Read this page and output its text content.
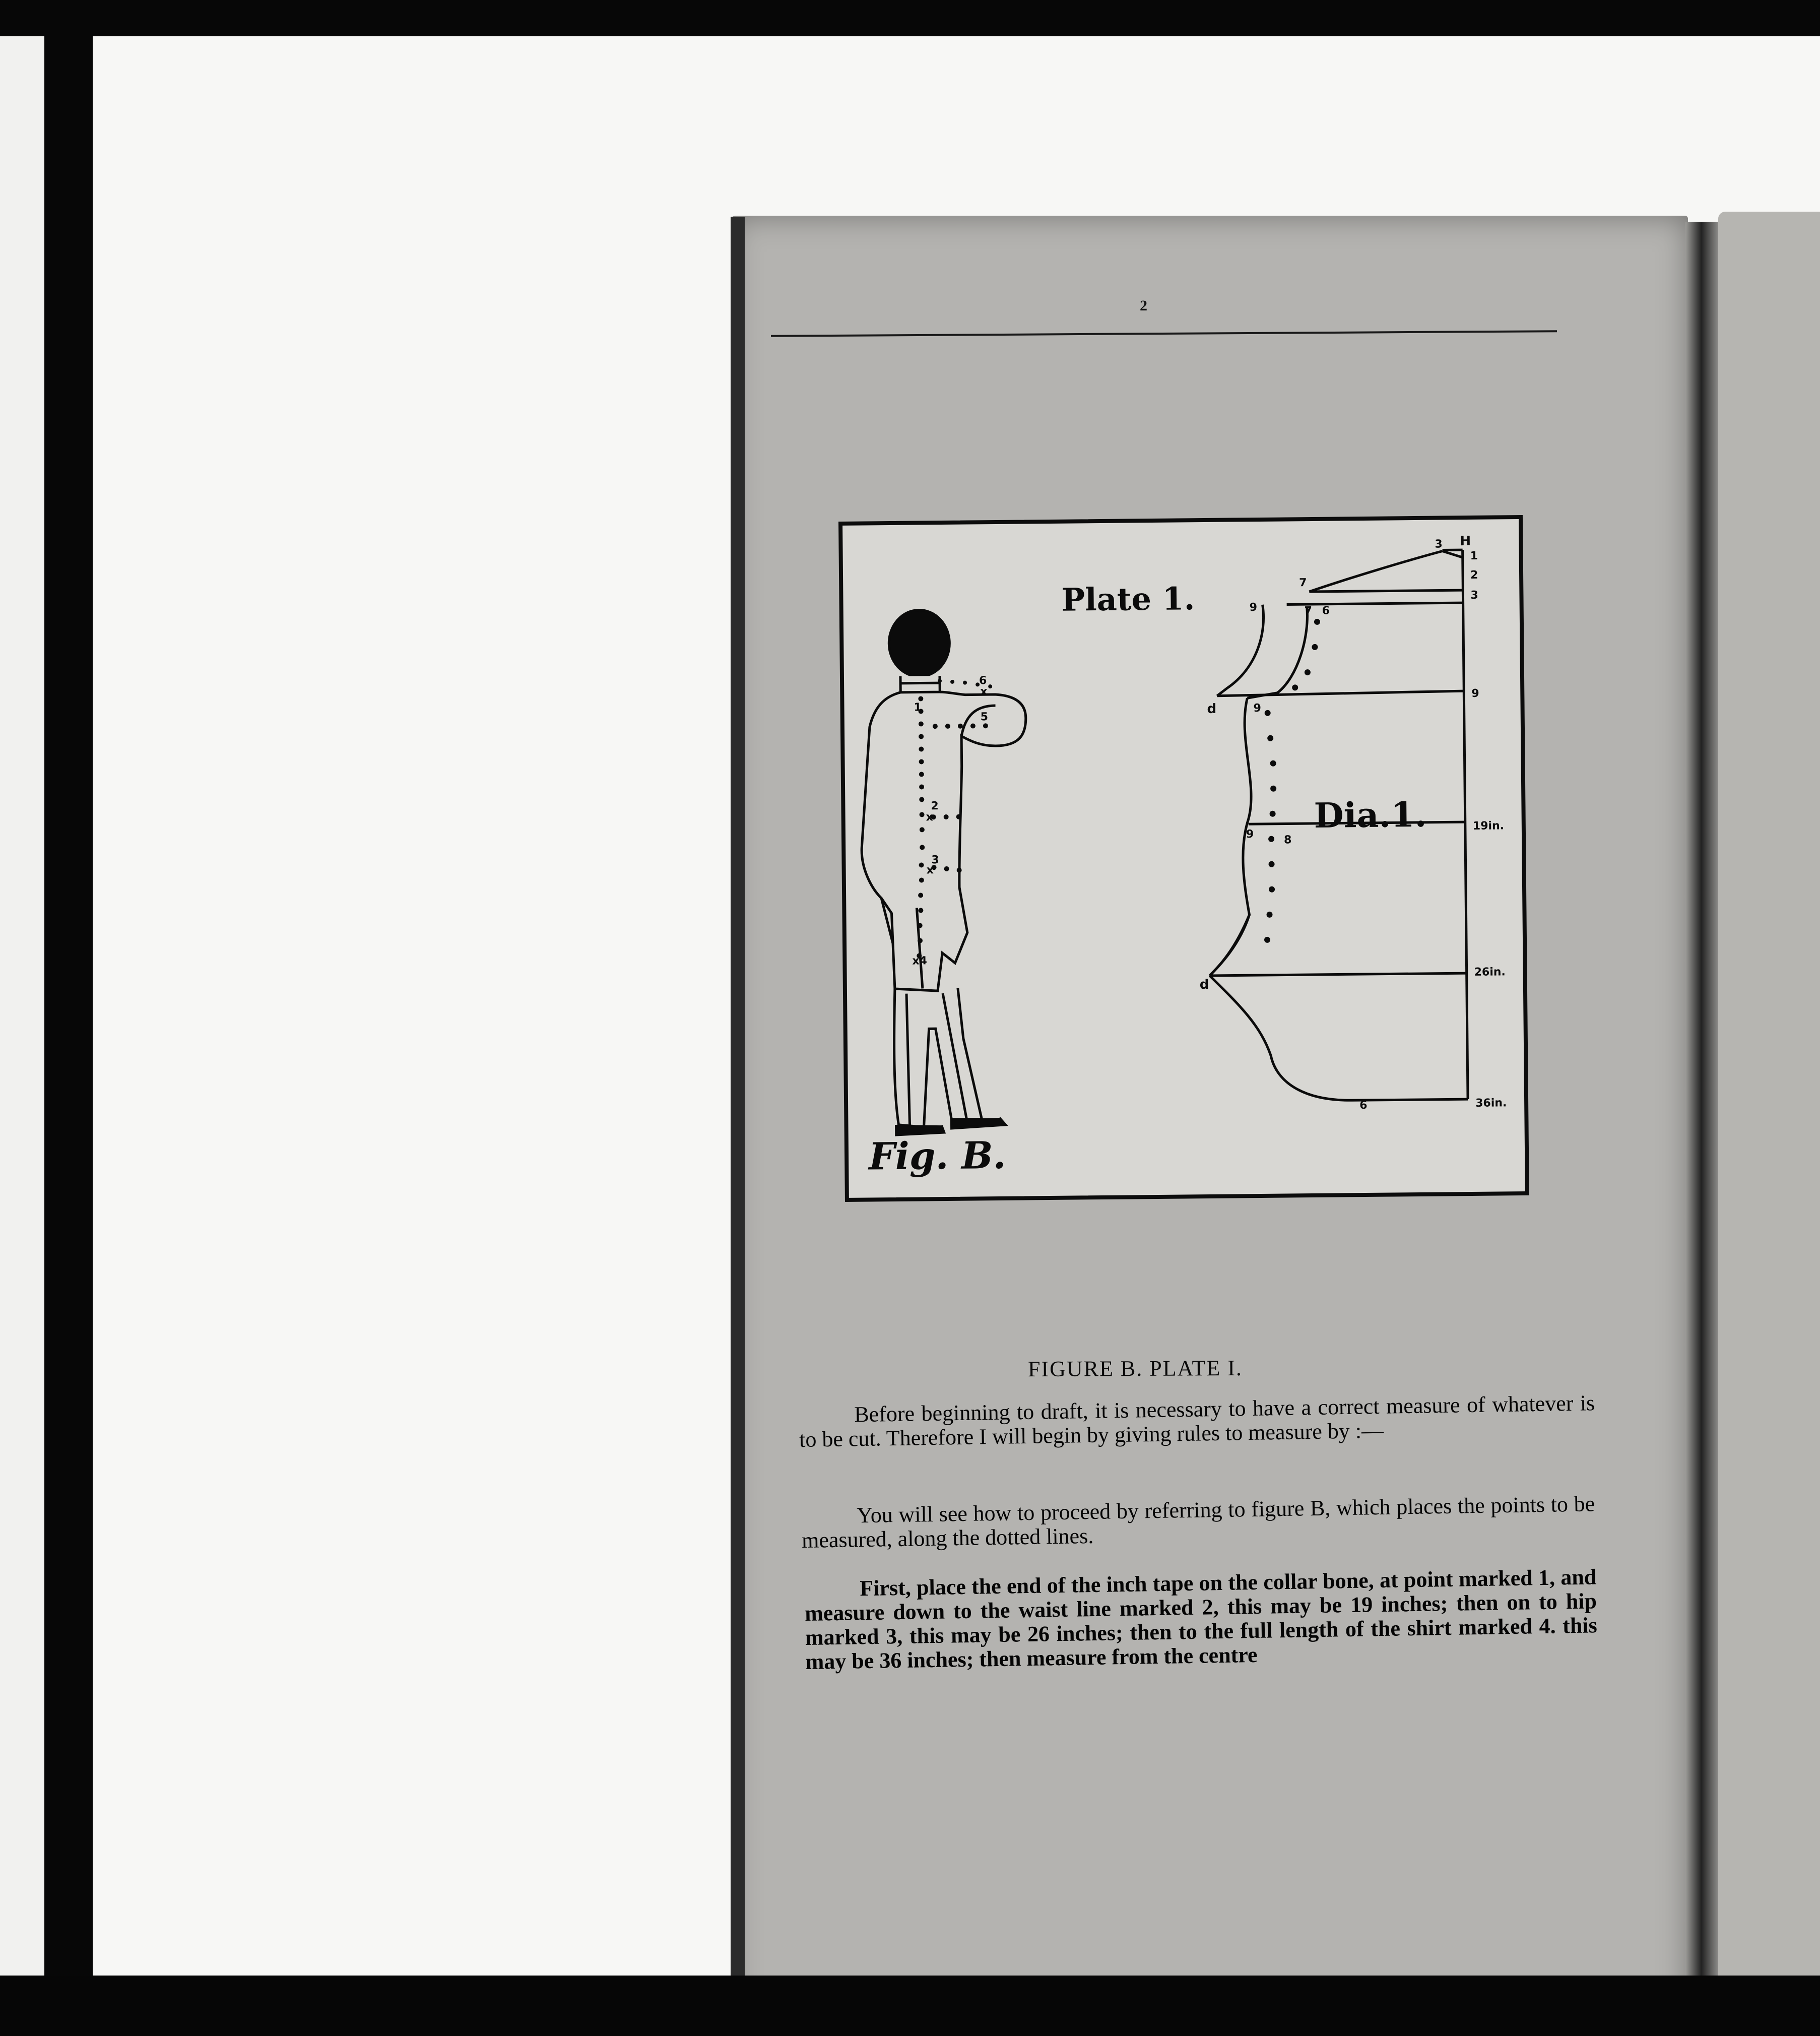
2
Plate 1.
Dia.1.
Fig. B.
6
x
1
5
2
x
3
x
x4
3 H
1
2
3
7
9	7 6
d	9
9
9	8
19in.
d
26in.
6	36in.
FIGURE B. PLATE I.
Before beginning to draft, it is necessary to have a correct measure of whatever is to be cut. Therefore I will begin by giving rules to measure by :—
You will see how to proceed by referring to figure B, which places the points to be measured, along the dotted lines.
First, place the end of the inch tape on the collar bone, at point marked 1, and measure down to the waist line marked 2, this may be 19 inches; then on to hip marked 3, this may be 26 inches; then to the full length of the shirt marked 4. this may be 36 inches; then measure from the centre
